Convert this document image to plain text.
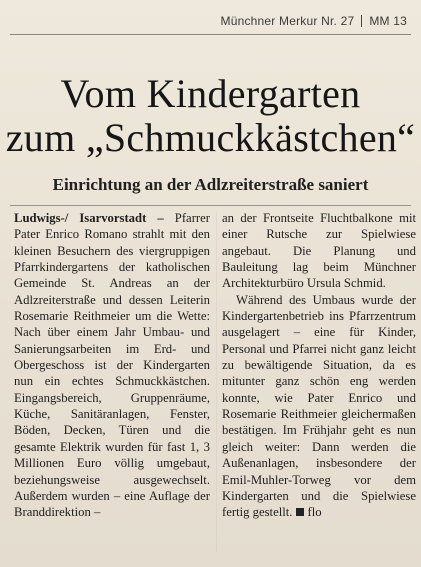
Münchner Merkur Nr. 27 MM 13
Vom Kindergarten
zum „Schmuckkästchen“
Einrichtung an der Adlzreiterstraße saniert

Ludwigs-/ Isarvorstadt – Pfarrer Pater Enrico Romano strahlt mit den kleinen Besuchern des viergruppigen Pfarrkindergartens der katholischen Gemeinde St. Andreas an der Adlzreiterstraße und dessen Leiterin Rosemarie Reithmeier um die Wette: Nach über einem Jahr Umbau- und Sanierungsarbeiten im Erd- und Obergeschoss ist der Kindergarten nun ein echtes Schmuckkästchen. Eingangsbereich, Gruppenräume, Küche, Sanitäranlagen, Fenster, Böden, Decken, Türen und die gesamte Elektrik wurden für fast 1, 3 Millionen Euro völlig umgebaut, beziehungsweise ausgewechselt. Außerdem wurden – eine Auflage der Branddirektion –

an der Frontseite Fluchtbalkone mit einer Rutsche zur Spielwiese angebaut. Die Planung und Bauleitung lag beim Münchner Architekturbüro Ursula Schmid.

Während des Umbaus wurde der Kindergartenbetrieb ins Pfarrzentrum ausgelagert – eine für Kinder, Personal und Pfarrei nicht ganz leicht zu bewältigende Situation, da es mitunter ganz schön eng werden konnte, wie Pater Enrico und Rosemarie Reithmeier gleichermaßen bestätigen. Im Frühjahr geht es nun gleich weiter: Dann werden die Außenanlagen, insbesondere der Emil-Muhler-Torweg vor dem Kindergarten und die Spielwiese fertig gestellt. flo
